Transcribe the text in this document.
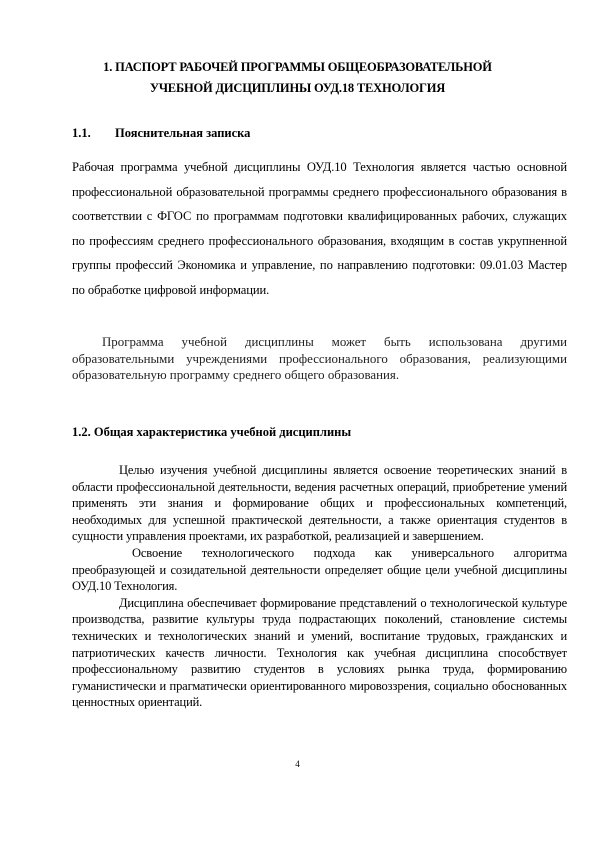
1. ПАСПОРТ РАБОЧЕЙ ПРОГРАММЫ ОБЩЕОБРАЗОВАТЕЛЬНОЙ
УЧЕБНОЙ ДИСЦИПЛИНЫ ОУД.18 ТЕХНОЛОГИЯ
1.1. Пояснительная записка
Рабочая программа учебной дисциплины ОУД.10 Технология является частью основной профессиональной образовательной программы среднего профессионального образования в соответствии с ФГОС по программам подготовки квалифицированных рабочих, служащих по профессиям среднего профессионального образования, входящим в состав укрупненной группы профессий Экономика и управление, по направлению подготовки: 09.01.03 Мастер по обработке цифровой информации.
Программа учебной дисциплины может быть использована другими образовательными учреждениями профессионального образования, реализующими образовательную программу среднего общего образования.
1.2. Общая характеристика учебной дисциплины

Целью изучения учебной дисциплины является освоение теоретических знаний в области профессиональной деятельности, ведения расчетных операций, приобретение умений применять эти знания и формирование общих и профессиональных компетенций, необходимых для успешной практической деятельности, а также ориентация студентов в сущности управления проектами, их разработкой, реализацией и завершением.

Освоение технологического подхода как универсального алгоритма преобразующей и созидательной деятельности определяет общие цели учебной дисциплины ОУД.10 Технология.

Дисциплина обеспечивает формирование представлений о технологической культуре производства, развитие культуры труда подрастающих поколений, становление системы технических и технологических знаний и умений, воспитание трудовых, гражданских и патриотических качеств личности. Технология как учебная дисциплина способствует профессиональному развитию студентов в условиях рынка труда, формированию гуманистически и прагматически ориентированного мировоззрения, социально обоснованных ценностных ориентаций.

4
